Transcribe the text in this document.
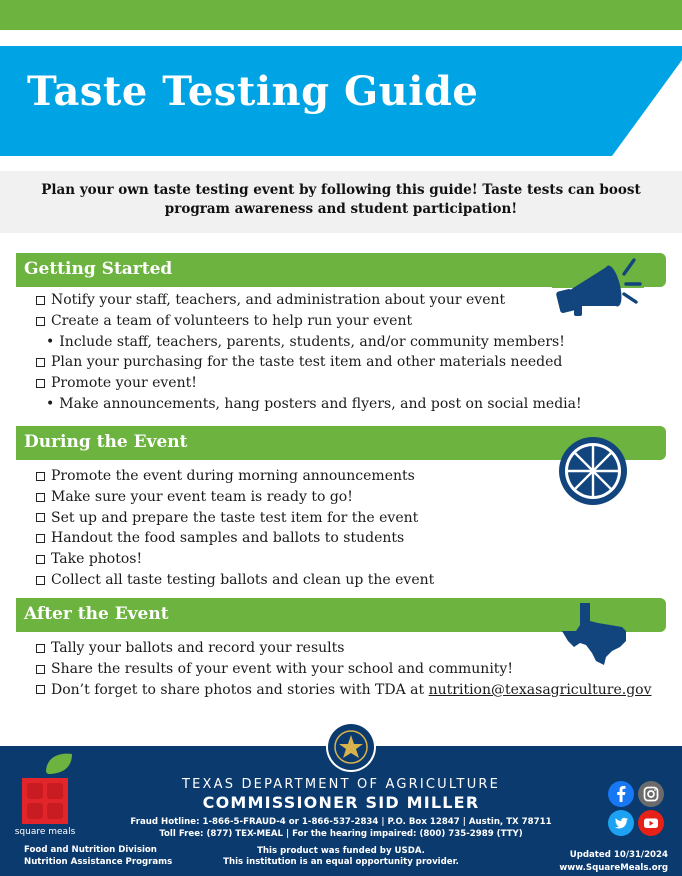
Taste Testing Guide

Plan your own taste testing event by following this guide! Taste tests can boost program awareness and student participation!

Getting Started
Notify your staff, teachers, and administration about your event
Create a team of volunteers to help run your event
• Include staff, teachers, parents, students, and/or community members!
Plan your purchasing for the taste test item and other materials needed
Promote your event!
• Make announcements, hang posters and flyers, and post on social media!
During the Event
Promote the event during morning announcements
Make sure your event team is ready to go!
Set up and prepare the taste test item for the event
Handout the food samples and ballots to students
Take photos!
Collect all taste testing ballots and clean up the event
After the Event
Tally your ballots and record your results
Share the results of your event with your school and community!
Don’t forget to share photos and stories with TDA at nutrition@texasagriculture.gov
square meals
TEXAS DEPARTMENT OF AGRICULTURE
COMMISSIONER SID MILLER
Fraud Hotline: 1-866-5-FRAUD-4 or 1-866-537-2834 | P.O. Box 12847 | Austin, TX 78711
Toll Free: (877) TEX-MEAL | For the hearing impaired: (800) 735-2989 (TTY)
This product was funded by USDA.
This institution is an equal opportunity provider.
Food and Nutrition Division
Nutrition Assistance Programs
Updated 10/31/2024
www.SquareMeals.org
